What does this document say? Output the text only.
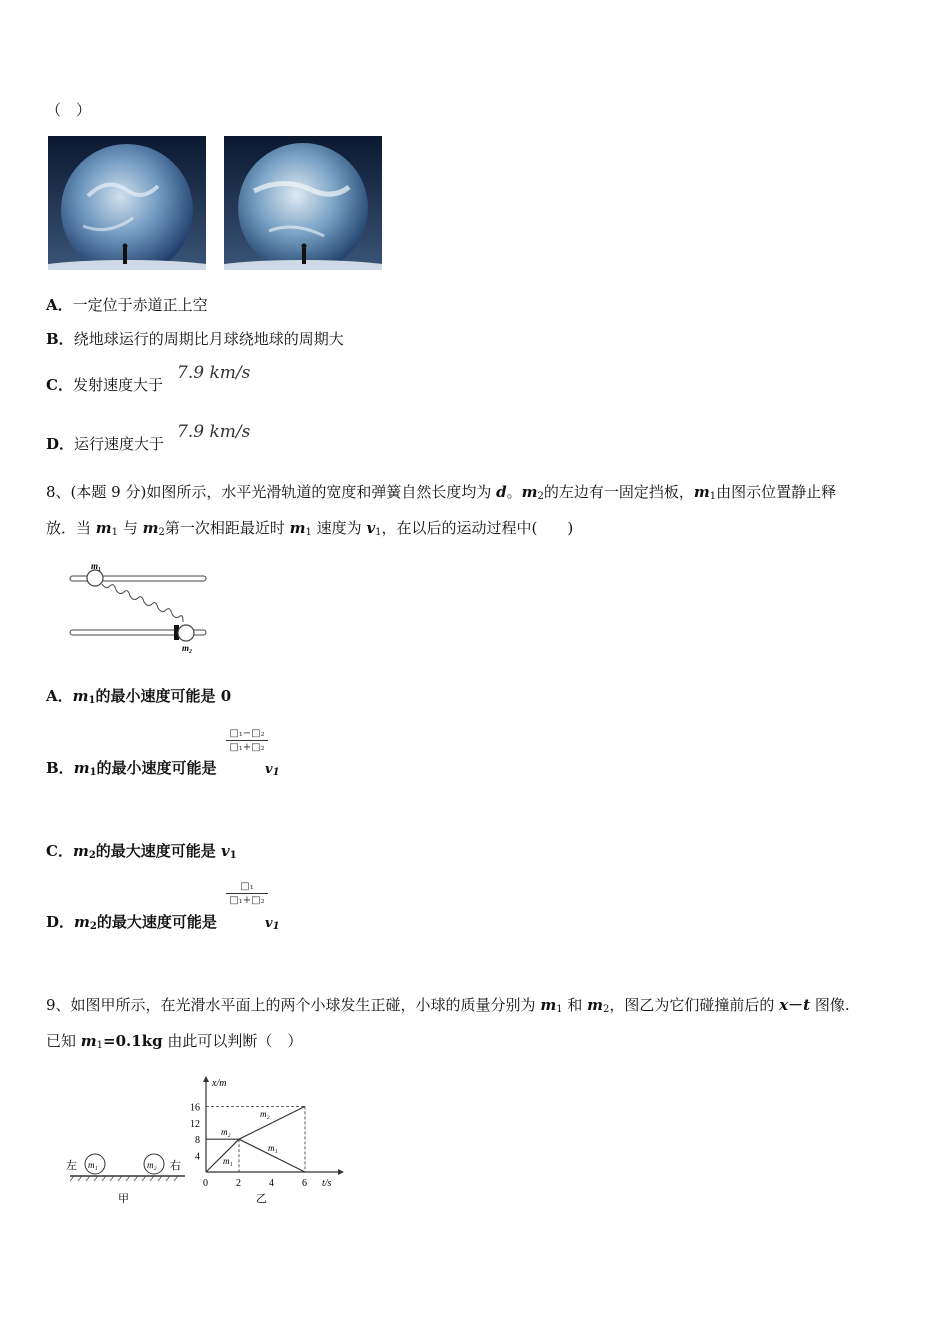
（　）
A．一定位于赤道正上空
B．绕地球运行的周期比月球绕地球的周期大
C．发射速度大于
7.9 km/s
D．运行速度大于
7.9 km/s
8、(本题 9 分)如图所示，水平光滑轨道的宽度和弹簧自然长度均为 d。$m_2$的左边有一固定挡板，$m_1$由图示位置静止释
放．当 $m_1$ 与 $m_2$第一次相距最近时 $m_1$ 速度为 $v_1$，在以后的运动过程中(　　)
m₁
m₂
A．$m_1$的最小速度可能是 0
□₁−□₂
□₁+□₂
B．$m_1$的最小速度可能是	$v_1$
C．$m_2$的最大速度可能是 $v_1$
□₁
□₁+□₂
D．$m_2$的最大速度可能是	$v_1$
9、如图甲所示，在光滑水平面上的两个小球发生正碰，小球的质量分别为 $m_1$ 和 $m_2$，图乙为它们碰撞前后的 x－t 图像.
已知 $m_1=0.1kg$ 由此可以判断（　）
m₁	m₂
左	右
甲
x/m
t/s
4
8
12
16
0	2	4	6
m₂
m₁
m₂
m₁
乙
